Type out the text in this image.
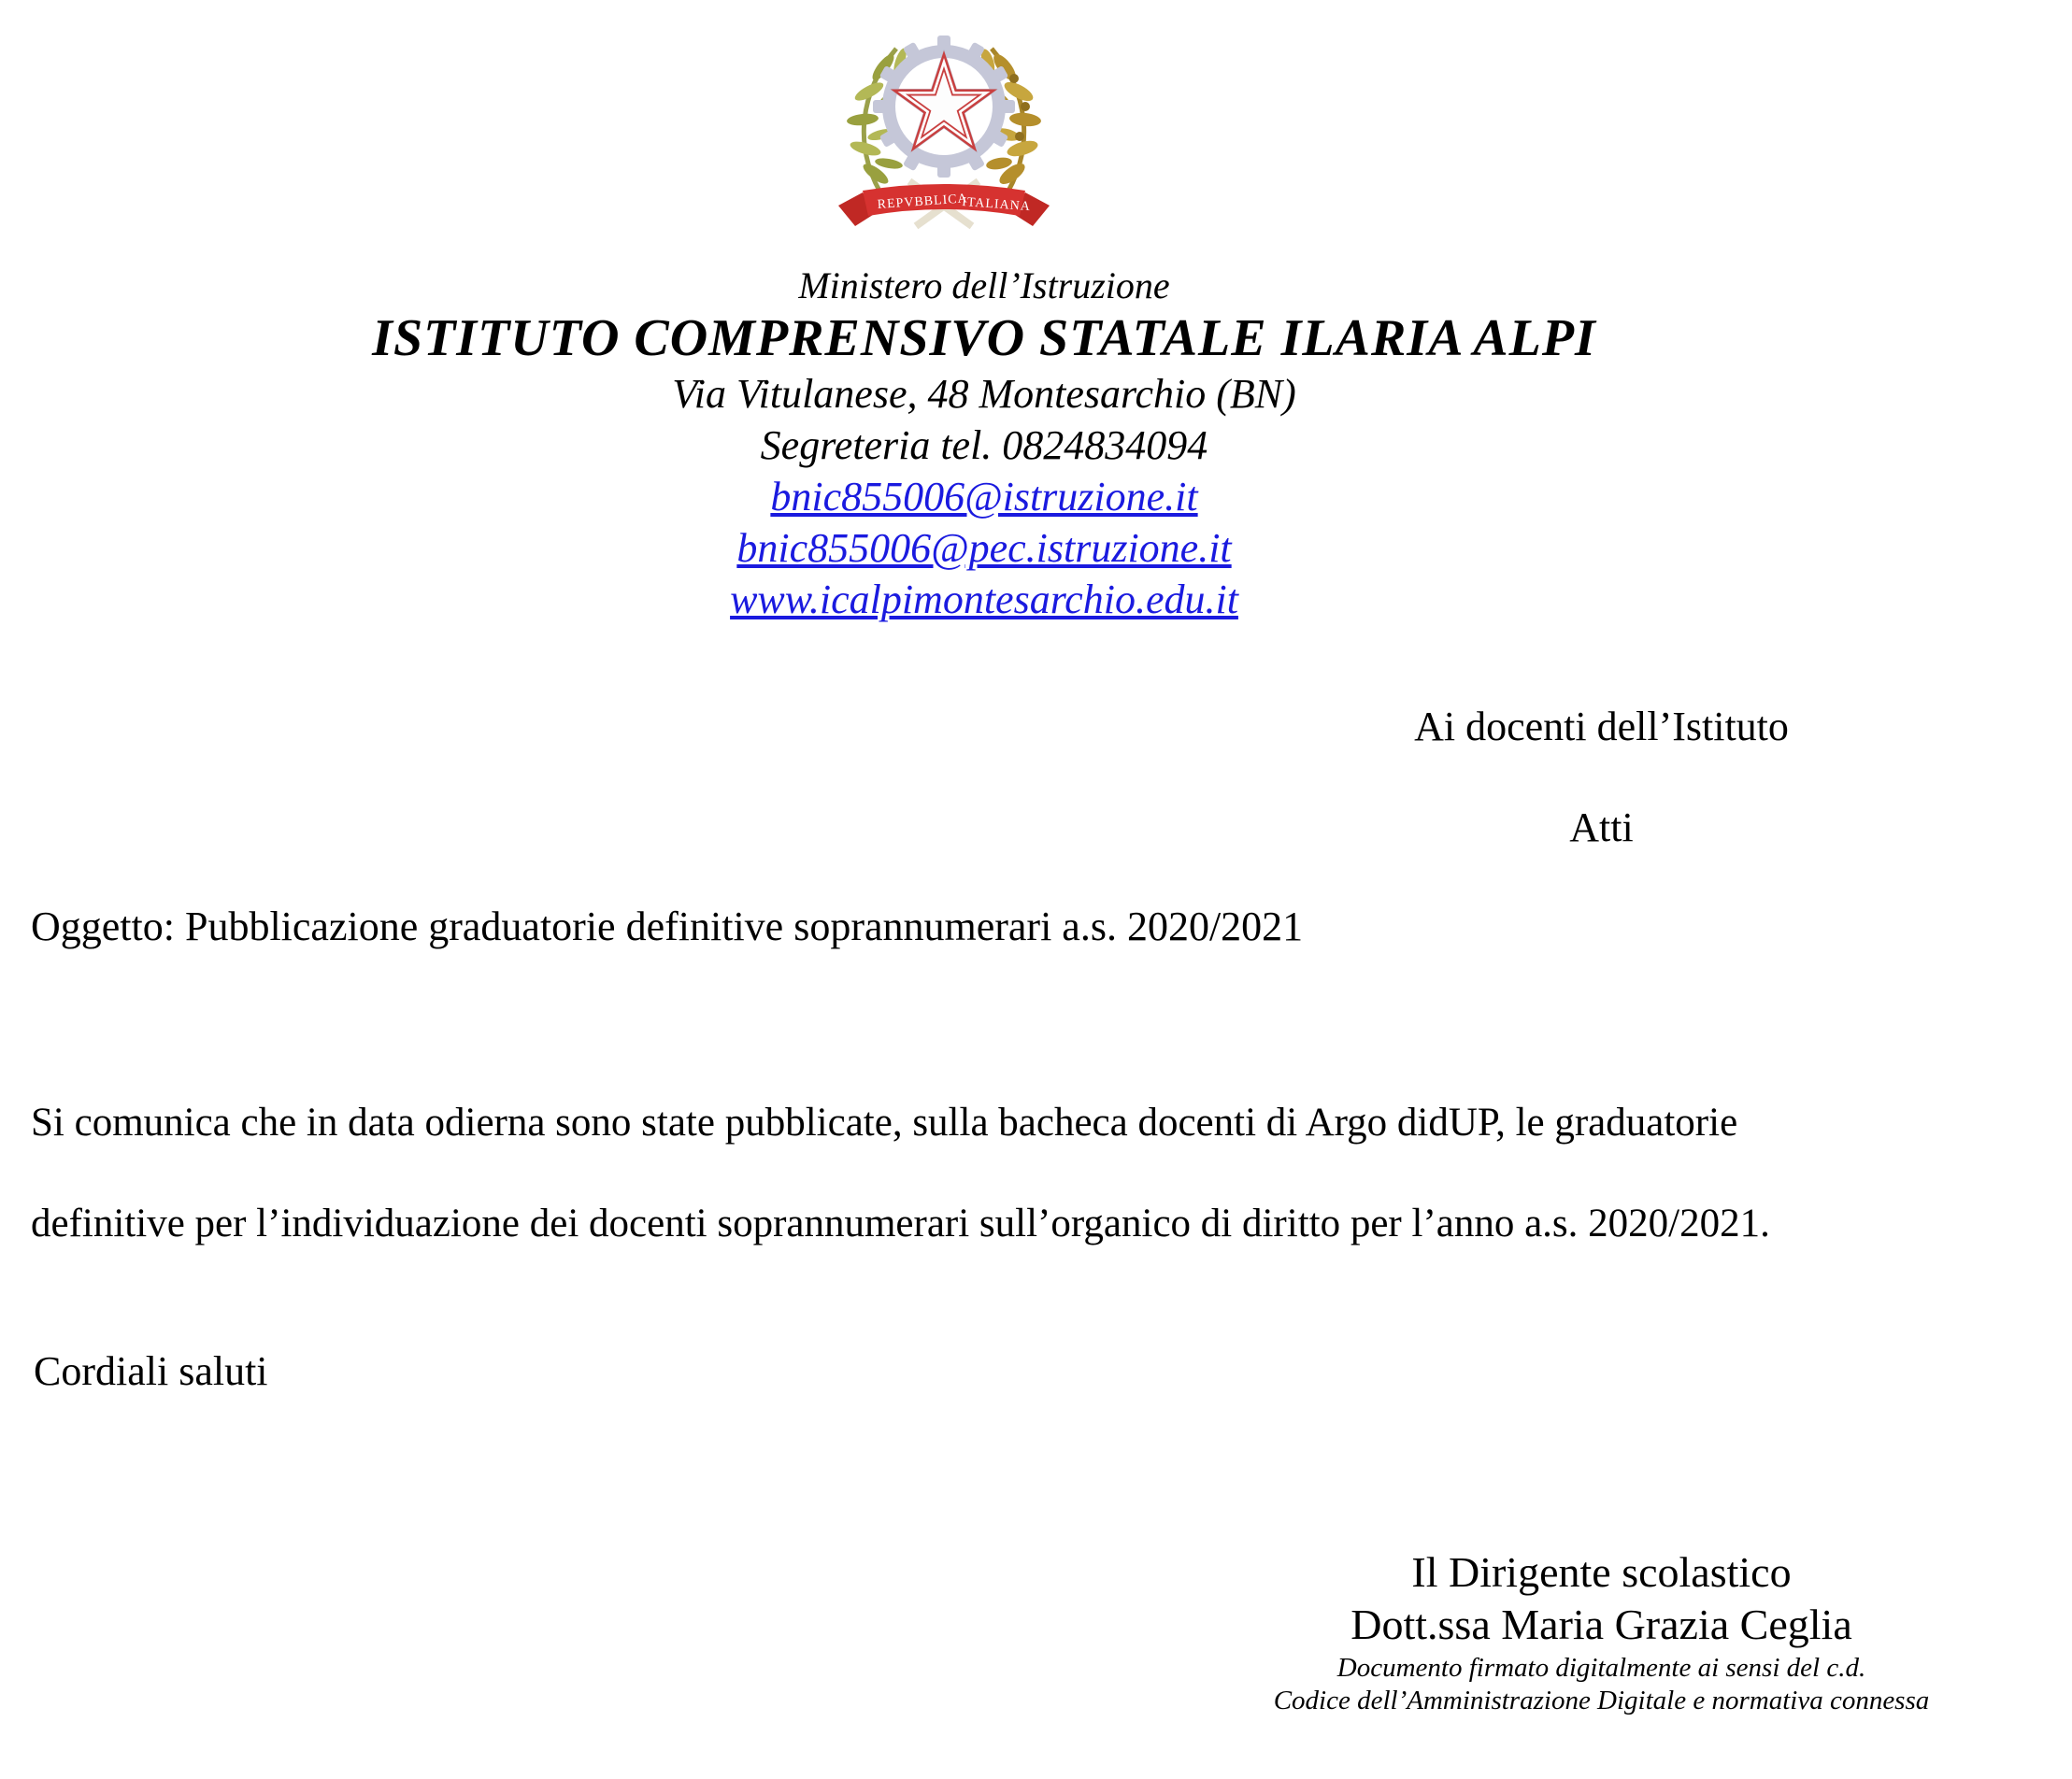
REPVBBLICA
ITALIANA
Ministero dell’Istruzione
ISTITUTO COMPRENSIVO STATALE ILARIA ALPI
Via Vitulanese, 48 Montesarchio (BN)
Segreteria tel. 0824834094
bnic855006@istruzione.it
bnic855006@pec.istruzione.it
www.icalpimontesarchio.edu.it
Ai docenti dell’Istituto
Atti
Oggetto: Pubblicazione graduatorie definitive soprannumerari a.s. 2020/2021
Si comunica che in data odierna sono state pubblicate, sulla bacheca docenti di Argo didUP, le graduatorie
definitive per l’individuazione dei docenti soprannumerari sull’organico di diritto per l’anno a.s. 2020/2021.
Cordiali saluti
Il Dirigente scolastico
Dott.ssa Maria Grazia Ceglia
Documento firmato digitalmente ai sensi del c.d.
Codice dell’Amministrazione Digitale e normativa connessa
